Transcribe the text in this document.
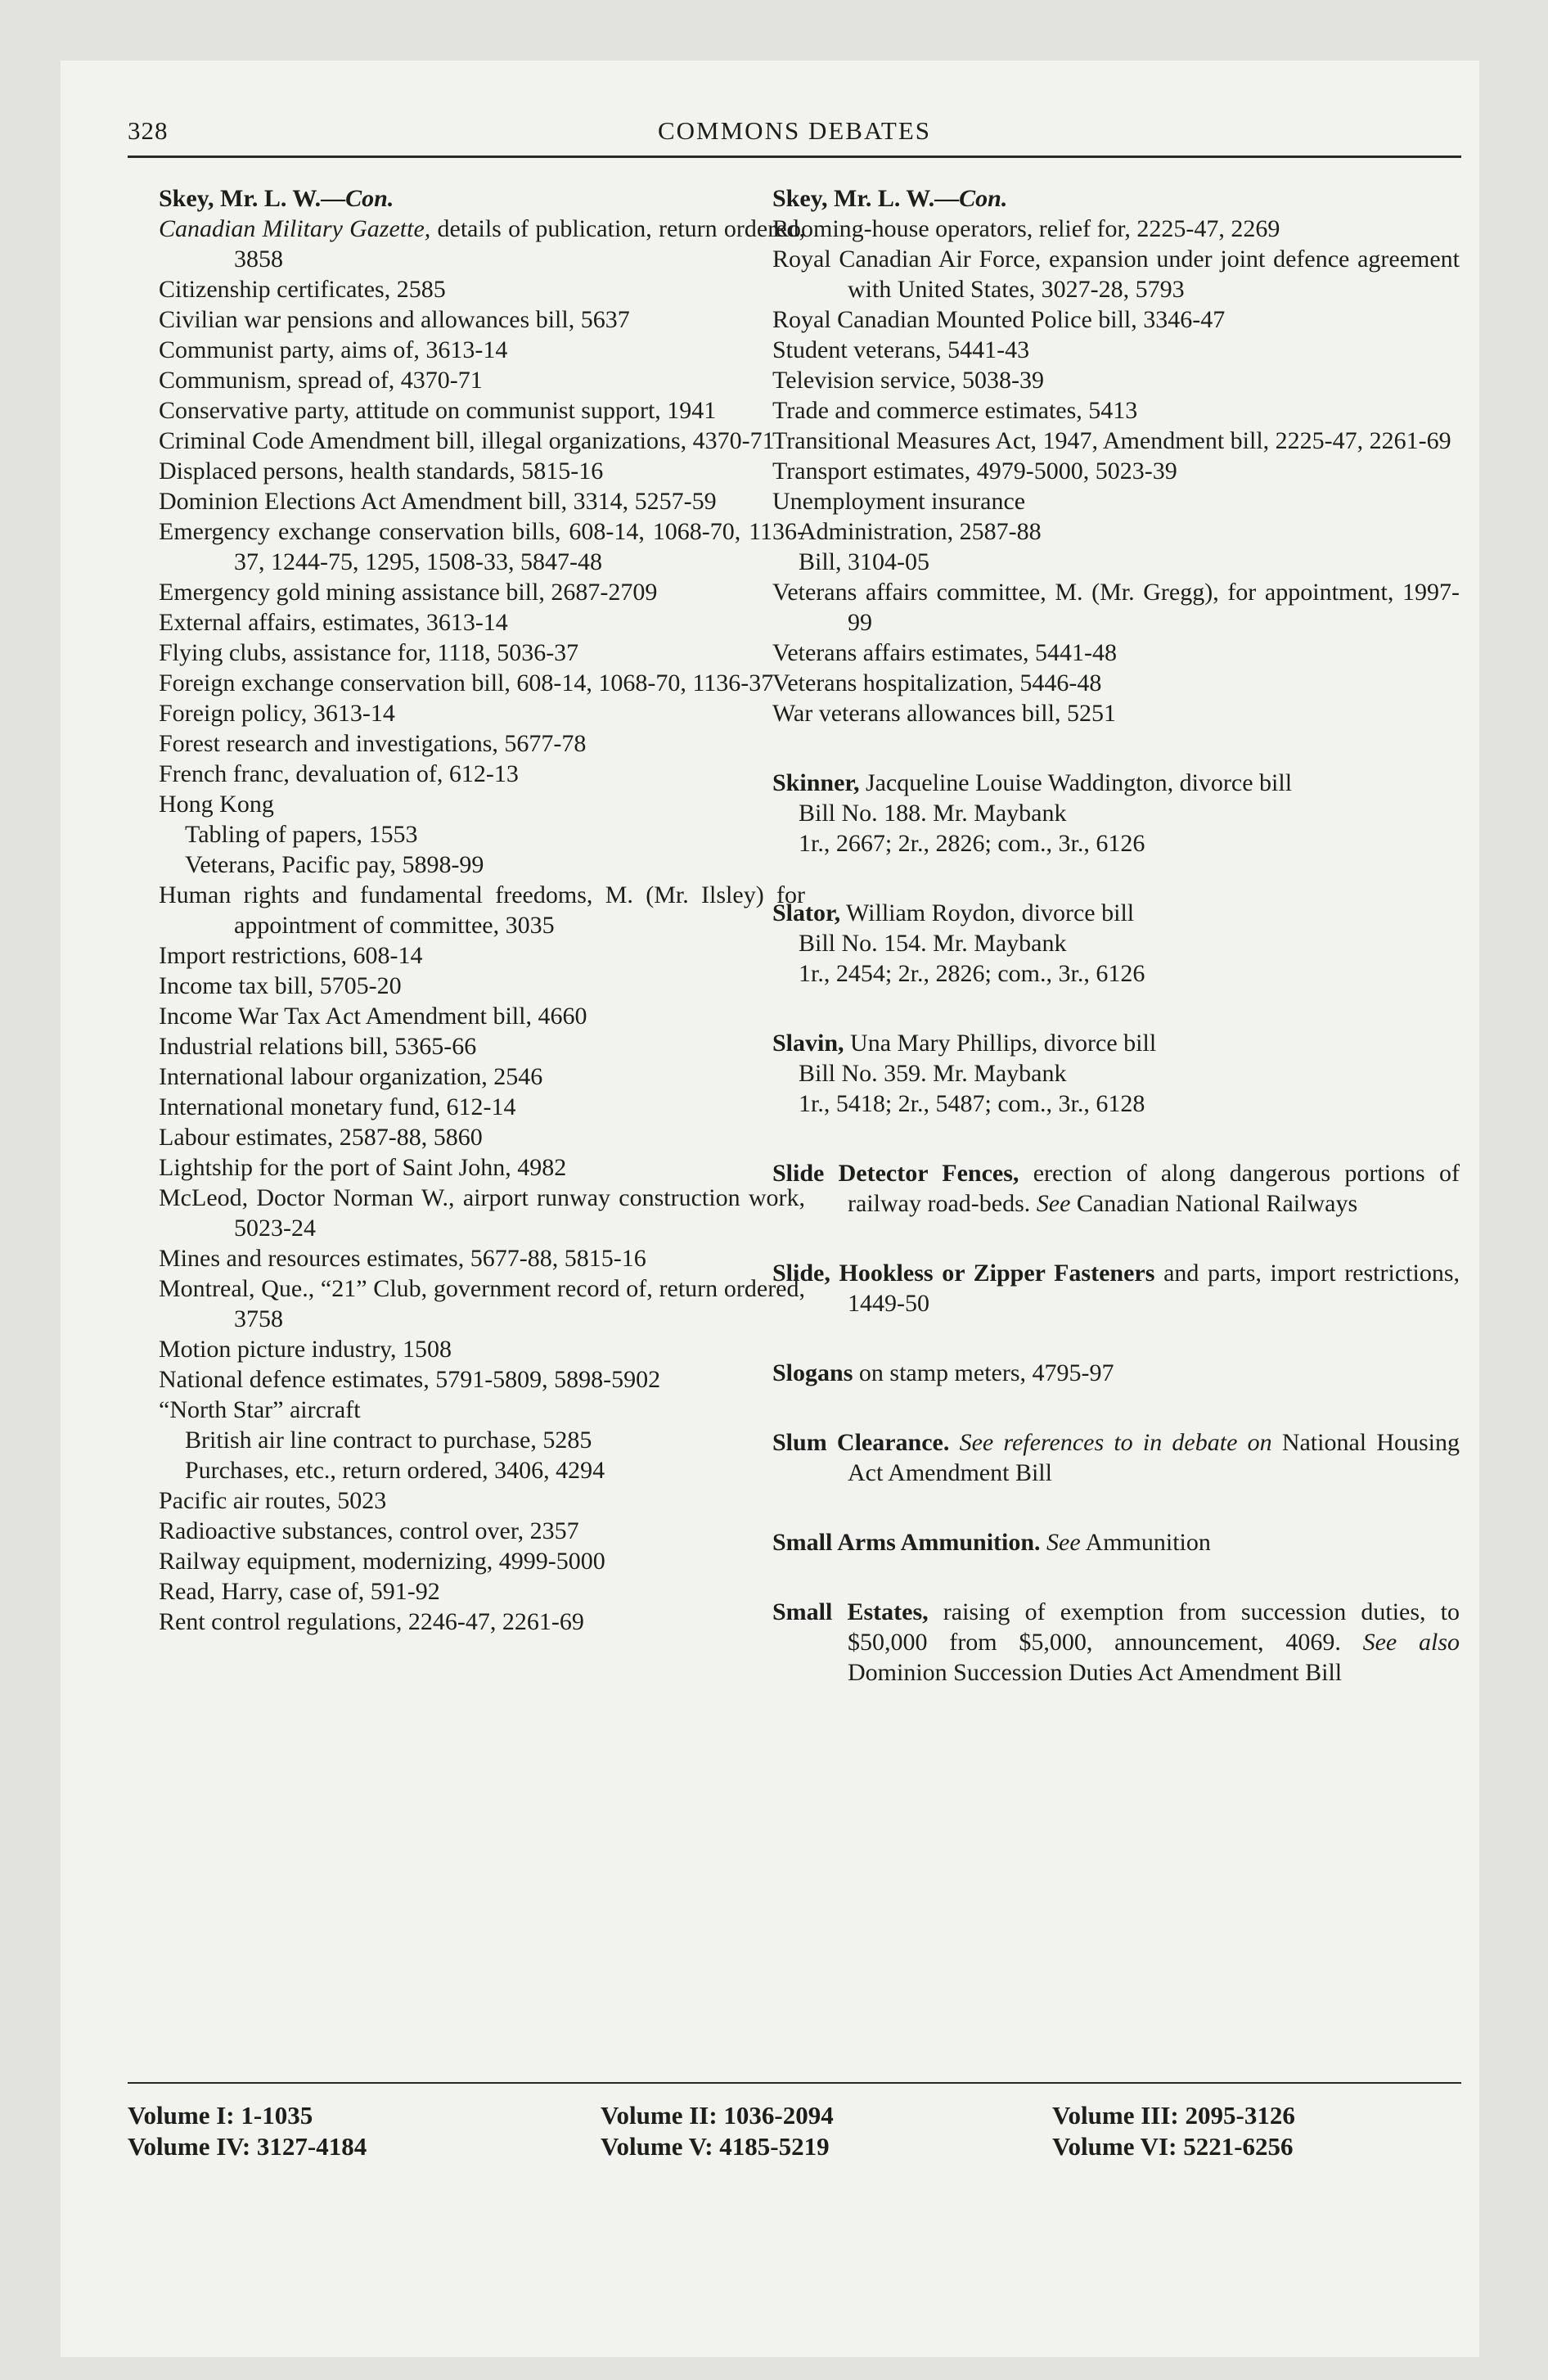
328	COMMONS DEBATES

Skey, Mr. L. W.—Con.

Canadian Military Gazette, details of publication, return ordered, 3858

Citizenship certificates, 2585

Civilian war pensions and allowances bill, 5637

Communist party, aims of, 3613-14

Communism, spread of, 4370-71

Conservative party, attitude on communist support, 1941

Criminal Code Amendment bill, illegal organizations, 4370-71

Displaced persons, health standards, 5815-16

Dominion Elections Act Amendment bill, 3314, 5257-59

Emergency exchange conservation bills, 608-14, 1068-70, 1136-37, 1244-75, 1295, 1508-33, 5847-48

Emergency gold mining assistance bill, 2687-2709

External affairs, estimates, 3613-14

Flying clubs, assistance for, 1118, 5036-37

Foreign exchange conservation bill, 608-14, 1068-70, 1136-37

Foreign policy, 3613-14

Forest research and investigations, 5677-78

French franc, devaluation of, 612-13

Hong Kong

Tabling of papers, 1553

Veterans, Pacific pay, 5898-99

Human rights and fundamental freedoms, M. (Mr. Ilsley) for appointment of committee, 3035

Import restrictions, 608-14

Income tax bill, 5705-20

Income War Tax Act Amendment bill, 4660

Industrial relations bill, 5365-66

International labour organization, 2546

International monetary fund, 612-14

Labour estimates, 2587-88, 5860

Lightship for the port of Saint John, 4982

McLeod, Doctor Norman W., airport runway construction work, 5023-24

Mines and resources estimates, 5677-88, 5815-16

Montreal, Que., “21” Club, government record of, return ordered, 3758

Motion picture industry, 1508

National defence estimates, 5791-5809, 5898-5902

“North Star” aircraft

British air line contract to purchase, 5285

Purchases, etc., return ordered, 3406, 4294

Pacific air routes, 5023

Radioactive substances, control over, 2357

Railway equipment, modernizing, 4999-5000

Read, Harry, case of, 591-92

Rent control regulations, 2246-47, 2261-69

Skey, Mr. L. W.—Con.

Rooming-house operators, relief for, 2225-47, 2269

Royal Canadian Air Force, expansion under joint defence agreement with United States, 3027-28, 5793

Royal Canadian Mounted Police bill, 3346-47

Student veterans, 5441-43

Television service, 5038-39

Trade and commerce estimates, 5413

Transitional Measures Act, 1947, Amendment bill, 2225-47, 2261-69

Transport estimates, 4979-5000, 5023-39

Unemployment insurance

Administration, 2587-88

Bill, 3104-05

Veterans affairs committee, M. (Mr. Gregg), for appointment, 1997-99

Veterans affairs estimates, 5441-48

Veterans hospitalization, 5446-48

War veterans allowances bill, 5251

Skinner, Jacqueline Louise Waddington, divorce bill

Bill No. 188. Mr. Maybank

1r., 2667; 2r., 2826; com., 3r., 6126

Slator, William Roydon, divorce bill

Bill No. 154. Mr. Maybank

1r., 2454; 2r., 2826; com., 3r., 6126

Slavin, Una Mary Phillips, divorce bill

Bill No. 359. Mr. Maybank

1r., 5418; 2r., 5487; com., 3r., 6128

Slide Detector Fences, erection of along dangerous portions of railway road-beds. See Canadian National Railways

Slide, Hookless or Zipper Fasteners and parts, import restrictions, 1449-50

Slogans on stamp meters, 4795-97

Slum Clearance. See references to in debate on National Housing Act Amendment Bill

Small Arms Ammunition. See Ammunition

Small Estates, raising of exemption from succession duties, to $50,000 from $5,000, announcement, 4069. See also Dominion Succession Duties Act Amendment Bill

Volume I: 1-1035
Volume IV: 3127-4184
Volume II: 1036-2094
Volume V: 4185-5219
Volume III: 2095-3126
Volume VI: 5221-6256
